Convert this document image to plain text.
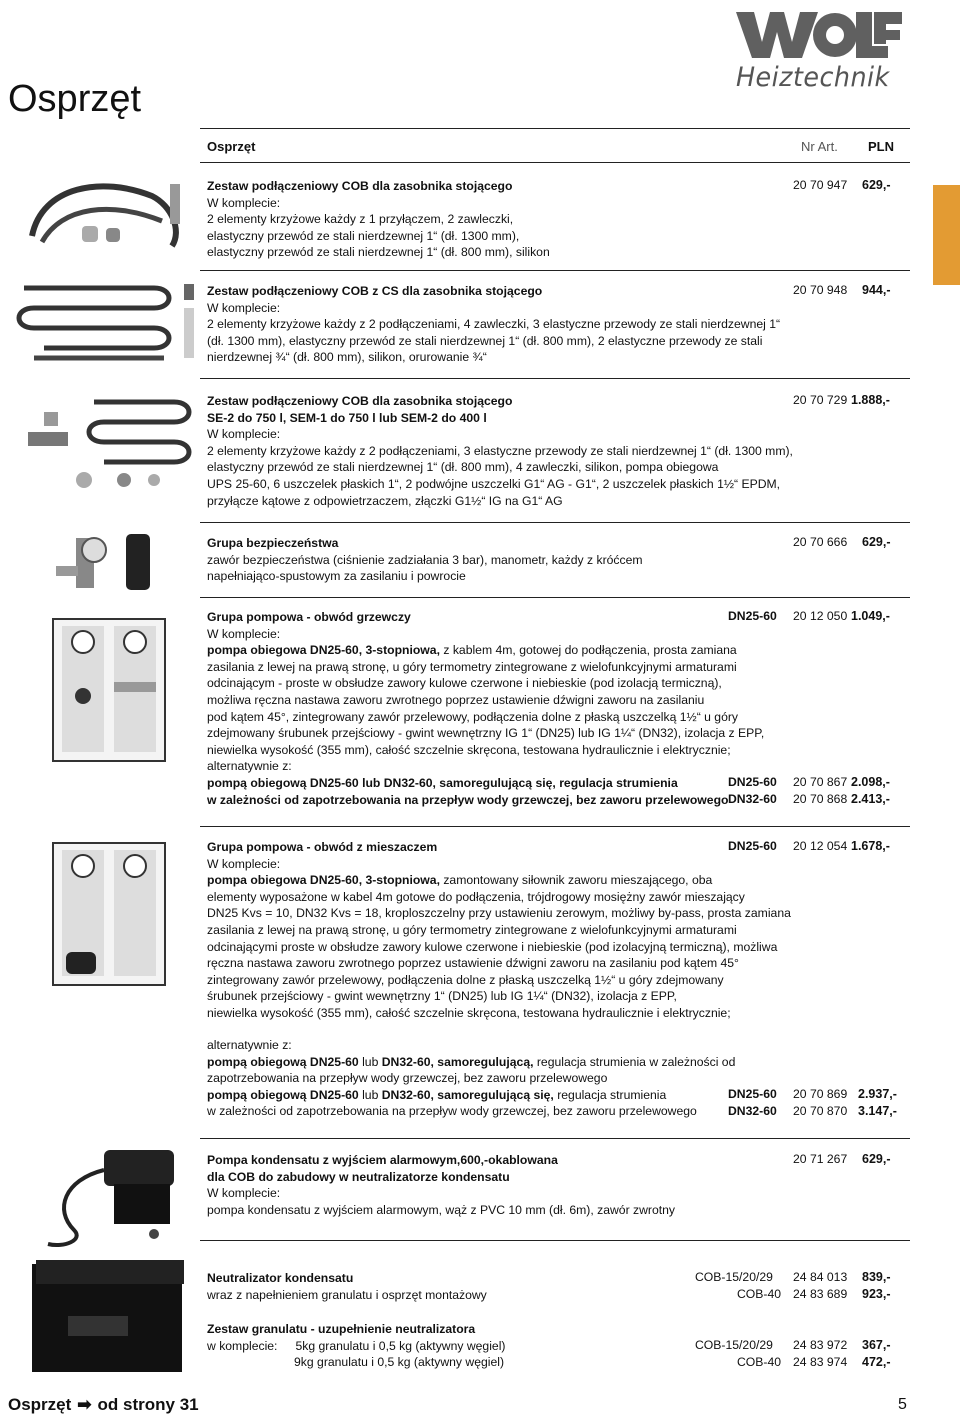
Heiztechnik
Osprzęt
Osprzęt	Nr Art. PLN

Zestaw podłączeniowy COB dla zasobnika stojącego

W komplecie:

2 elementy krzyżowe każdy z 1 przyłączem, 2 zawleczki,

elastyczny przewód ze stali nierdzewnej 1“ (dł. 1300 mm),

elastyczny przewód ze stali nierdzewnej 1“ (dł. 800 mm), silikon

20 70 947 629,-

Zestaw podłączeniowy COB z CS dla zasobnika stojącego

W komplecie:

2 elementy krzyżowe każdy z 2 podłączeniami, 4 zawleczki, 3 elastyczne przewody ze stali nierdzewnej 1“

(dł. 1300 mm), elastyczny przewód ze stali nierdzewnej 1“ (dł. 800 mm), 2 elastyczne przewody ze stali

nierdzewnej ¾“ (dł. 800 mm), silikon, orurowanie ¾“

20 70 948 944,-

Zestaw podłączeniowy COB dla zasobnika stojącego

SE-2 do 750 l, SEM-1 do 750 l lub SEM-2 do 400 l

W komplecie:

2 elementy krzyżowe każdy z 2 podłączeniami, 3 elastyczne przewody ze stali nierdzewnej 1“ (dł. 1300 mm),

elastyczny przewód ze stali nierdzewnej 1“ (dł. 800 mm), 4 zawleczki, silikon, pompa obiegowa

UPS 25-60, 6 uszczelek płaskich 1“, 2 podwójne uszczelki G1“ AG - G1“, 2 uszczelek płaskich 1½“ EPDM,

przyłącze kątowe z odpowietrzaczem, złączki G1½“ IG na G1“ AG

20 70 729 1.888,-

Grupa bezpieczeństwa

zawór bezpieczeństwa (ciśnienie zadziałania 3 bar), manometr, każdy z króćcem

napełniająco-spustowym za zasilaniu i powrocie

20 70 666 629,-

Grupa pompowa - obwód grzewczy

W komplecie:

pompa obiegowa DN25-60, 3-stopniowa, z kablem 4m, gotowej do podłączenia, prosta zamiana

zasilania z lewej na prawą stronę, u góry termometry zintegrowane z wielofunkcyjnymi armaturami

odcinającym - proste w obsłudze zawory kulowe czerwone i niebieskie (pod izolacją termiczną),

możliwa ręczna nastawa zaworu zwrotnego poprzez ustawienie dźwigni zaworu na zasilaniu

pod kątem 45°, zintegrowany zawór przelewowy, podłączenia dolne z płaską uszczelką 1½“ u góry

zdejmowany śrubunek przejściowy - gwint wewnętrzny IG 1“ (DN25) lub IG 1¼“ (DN32), izolacja z EPP,

niewielka wysokość (355 mm), całość szczelnie skręcona, testowana hydraulicznie i elektrycznie;

alternatywnie z:

pompą obiegową DN25-60 lub DN32-60, samoregulującą się, regulacja strumienia

w zależności od zapotrzebowania na przepływ wody grzewczej, bez zaworu przelewowego

DN25-60 20 12 050 1.049,-
DN25-60 20 70 867 2.098,-
DN32-60 20 70 868 2.413,-

Grupa pompowa - obwód z mieszaczem

W komplecie:

pompa obiegowa DN25-60, 3-stopniowa, zamontowany siłownik zaworu mieszającego, oba

elementy wyposażone w kabel 4m gotowe do podłączenia, trójdrogowy mosiężny zawór mieszający

DN25 Kvs = 10, DN32 Kvs = 18, kroploszczelny przy ustawieniu zerowym, możliwy by-pass, prosta zamiana

zasilania z lewej na prawą stronę, u góry termometry zintegrowane z wielofunkcyjnymi armaturami

odcinającymi proste w obsłudze zawory kulowe czerwone i niebieskie (pod izolacyjną termiczną), możliwa

ręczna nastawa zaworu zwrotnego poprzez ustawienie dźwigni zaworu na zasilaniu pod kątem 45°

zintegrowany zawór przelewowy, podłączenia dolne z płaską uszczelką 1½“ u góry zdejmowany

śrubunek przejściowy - gwint wewnętrzny 1“ (DN25) lub IG 1¼“ (DN32), izolacja z EPP,

niewielka wysokość (355 mm), całość szczelnie skręcona, testowana hydraulicznie i elektrycznie;

DN25-60 20 12 054 1.678,-

alternatywnie z:

pompą obiegową DN25-60 lub DN32-60, samoregulującą, regulacja strumienia w zależności od

zapotrzebowania na przepływ wody grzewczej, bez zaworu przelewowego

pompą obiegową DN25-60 lub DN32-60, samoregulującą się, regulacja strumienia

w zależności od zapotrzebowania na przepływ wody grzewczej, bez zaworu przelewowego

DN25-60 20 70 869 2.937,-
DN32-60 20 70 870 3.147,-

Pompa kondensatu z wyjściem alarmowym,600,-okablowana

dla COB do zabudowy w neutralizatorze kondensatu

W komplecie:

pompa kondensatu z wyjściem alarmowym, wąż z PVC 10 mm (dł. 6m), zawór zwrotny

20 71 267 629,-

Neutralizator kondensatu

wraz z napełnieniem granulatu i osprzęt montażowy

COB-15/20/29 24 84 013 839,-
COB-40 24 83 689 923,-

Zestaw granulatu - uzupełnienie neutralizatora

w komplecie: 5kg granulatu i 0,5 kg (aktywny węgiel)

9kg granulatu i 0,5 kg (aktywny węgiel)

COB-15/20/29 24 83 972 367,-
COB-40 24 83 974 472,-
Osprzęt ➡ od strony 31	5
